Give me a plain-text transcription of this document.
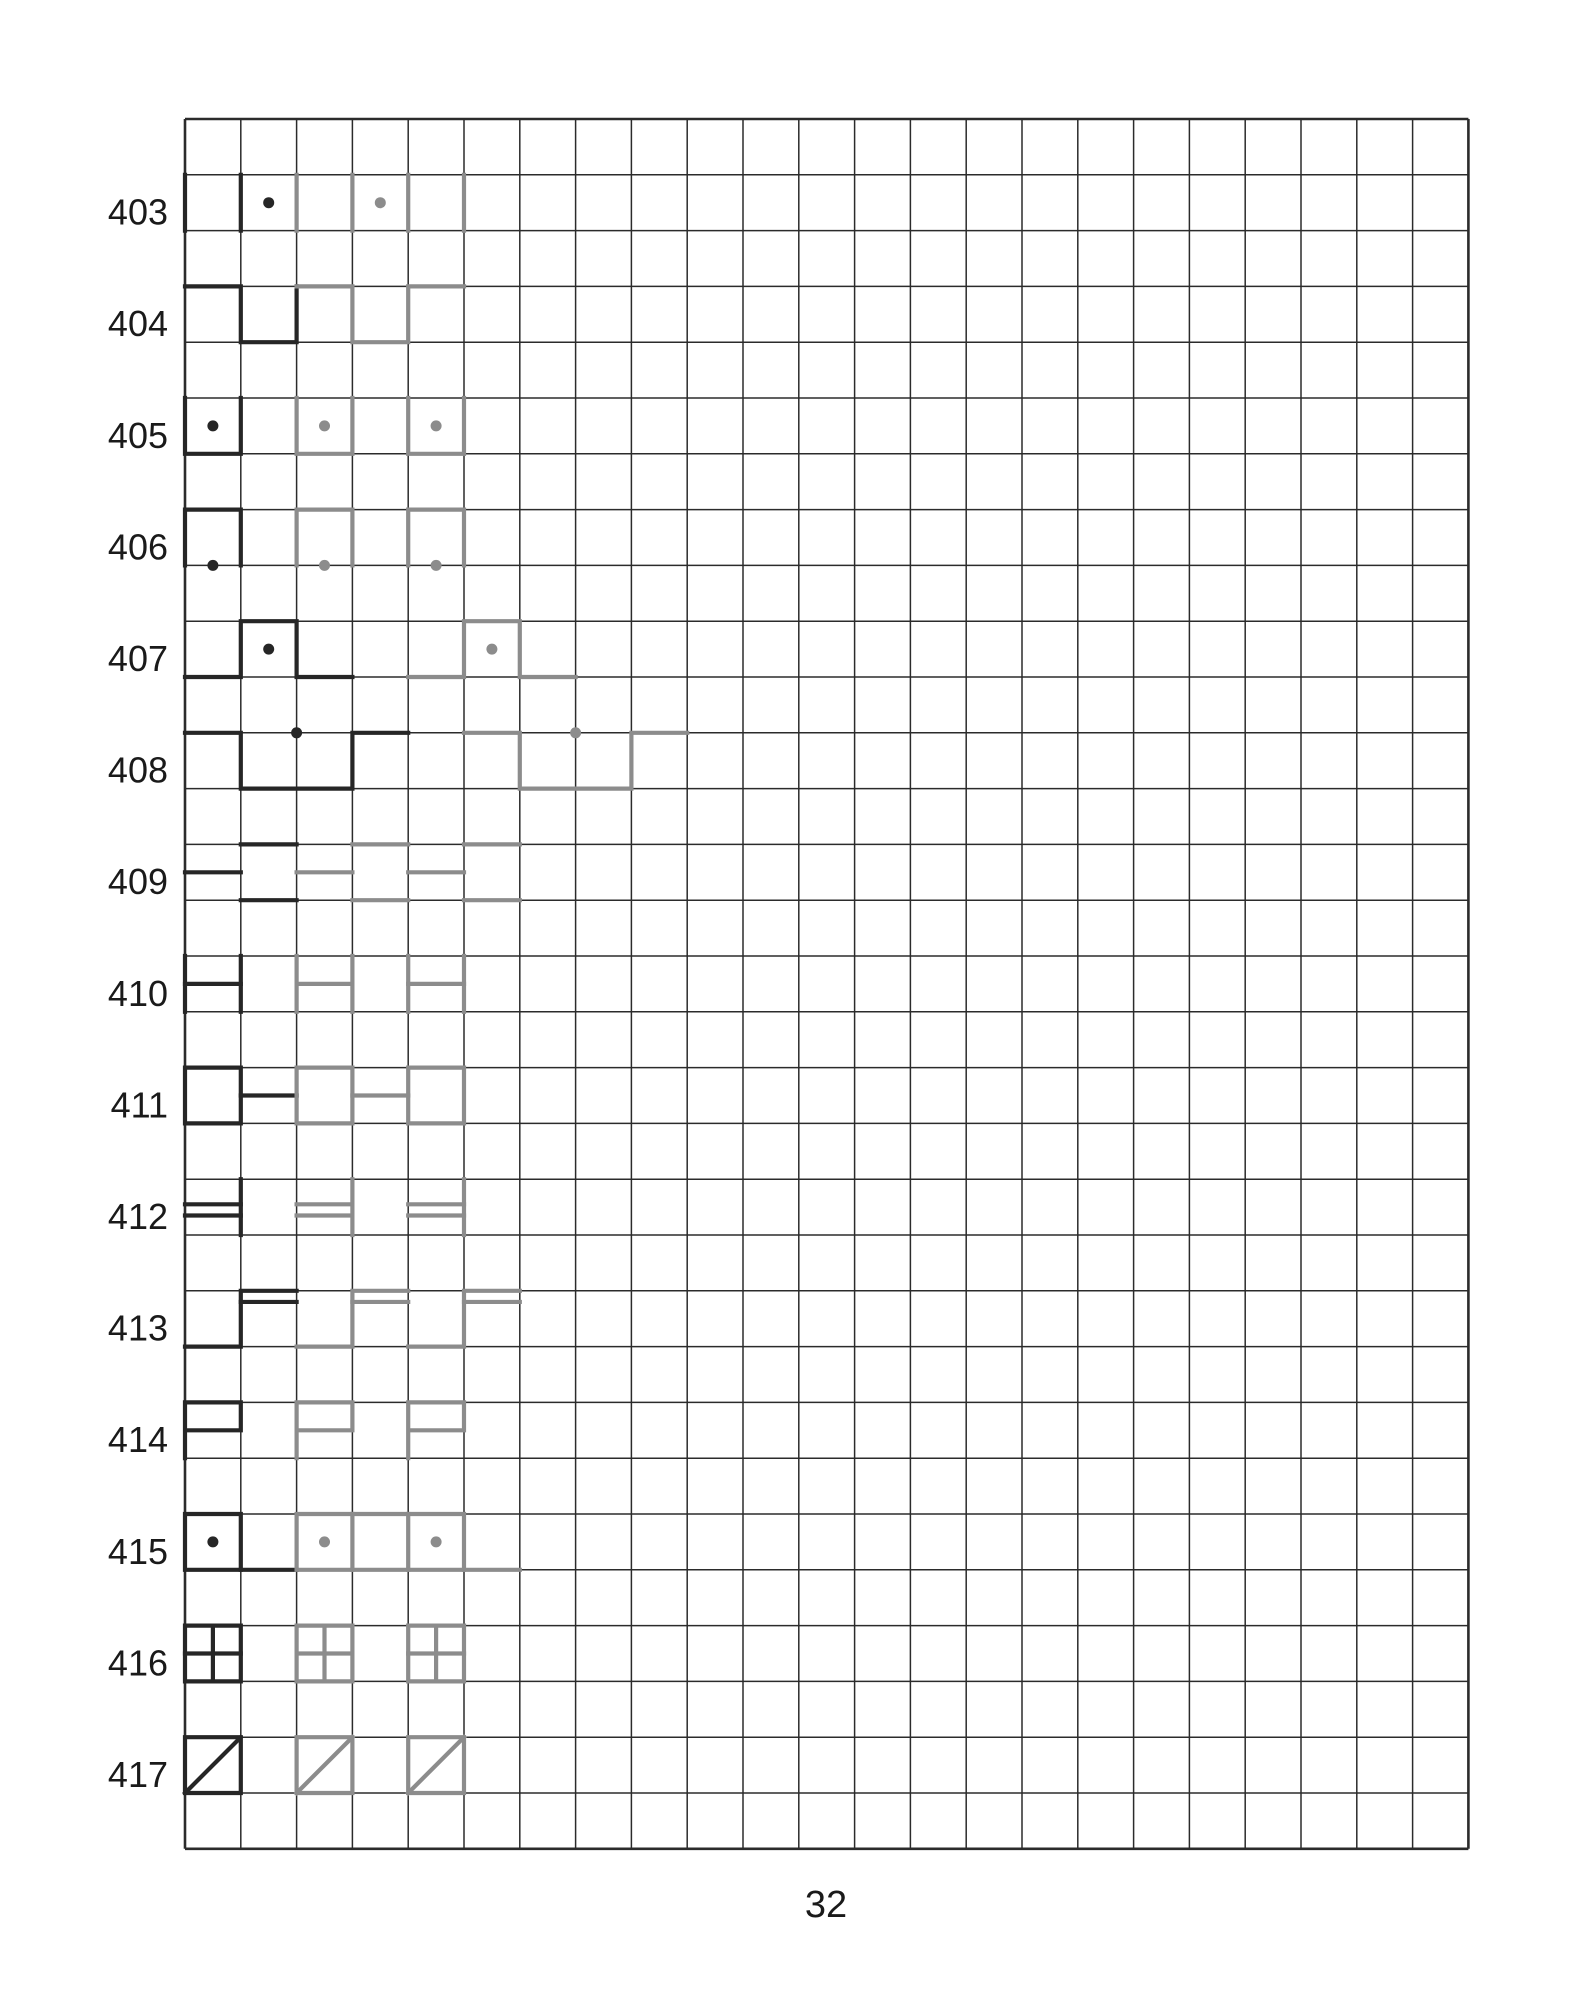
403
404
405
406
407
408
409
410
411
412
413
414
415
416
417
32
